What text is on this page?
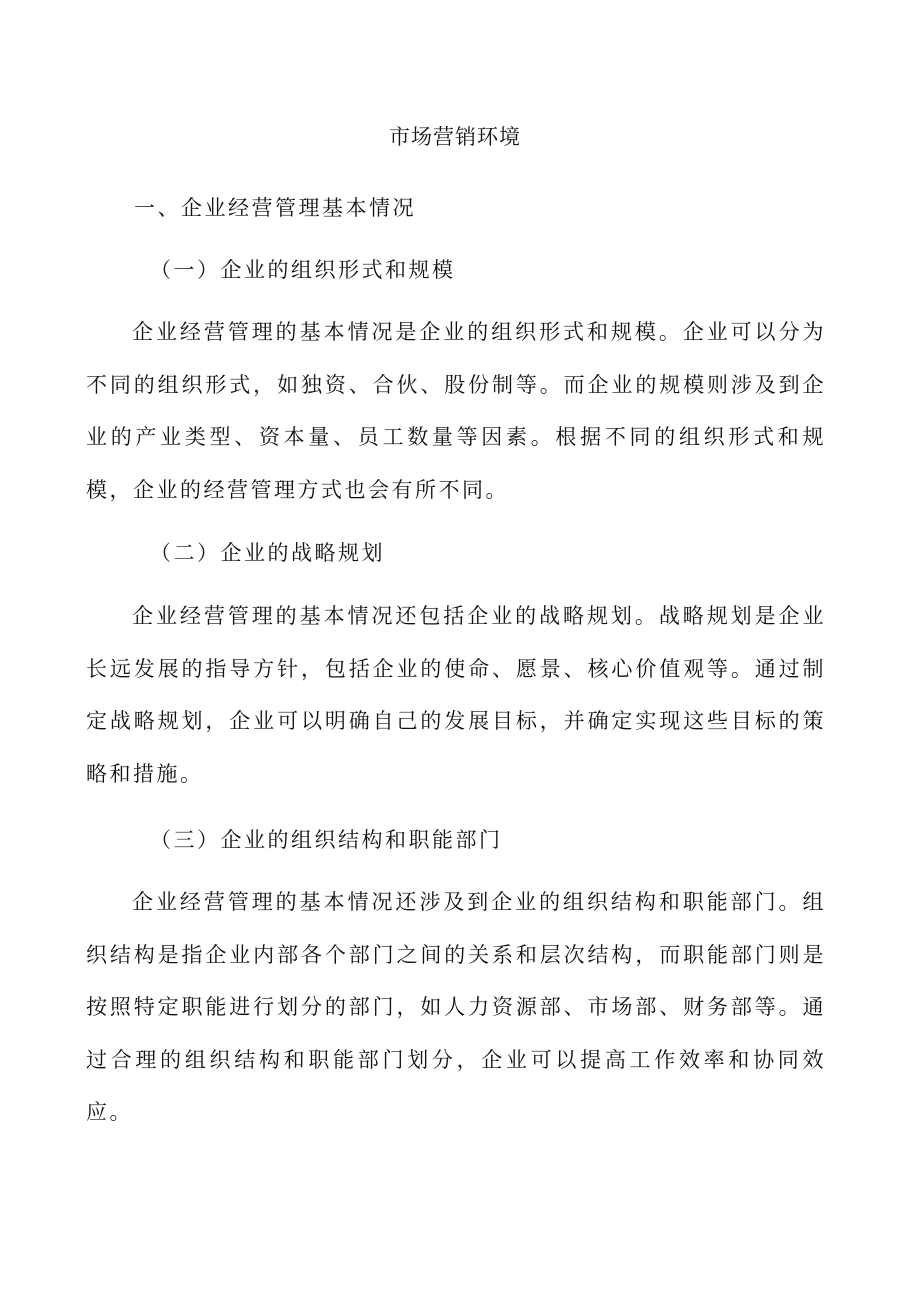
市场营销环境
一、企业经营管理基本情况
（一）企业的组织形式和规模

企业经营管理的基本情况是企业的组织形式和规模。企业可以分为不同的组织形式，如独资、合伙、股份制等。而企业的规模则涉及到企业的产业类型、资本量、员工数量等因素。根据不同的组织形式和规模，企业的经营管理方式也会有所不同。

（二）企业的战略规划

企业经营管理的基本情况还包括企业的战略规划。战略规划是企业长远发展的指导方针，包括企业的使命、愿景、核心价值观等。通过制定战略规划，企业可以明确自己的发展目标，并确定实现这些目标的策略和措施。

（三）企业的组织结构和职能部门

企业经营管理的基本情况还涉及到企业的组织结构和职能部门。组织结构是指企业内部各个部门之间的关系和层次结构，而职能部门则是按照特定职能进行划分的部门，如人力资源部、市场部、财务部等。通过合理的组织结构和职能部门划分，企业可以提高工作效率和协同效应。
